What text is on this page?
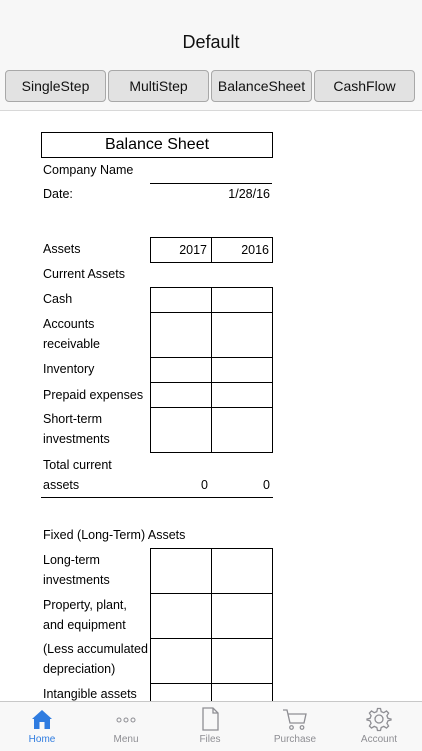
Default
SingleStep	MultiStep	BalanceSheet	CashFlow
Balance Sheet
Company Name
Date:	1/28/16
Assets	2017	2016
Current Assets
Cash
Accounts
receivable
Inventory
Prepaid expenses
Short-term
investments
Total current
assets	0	0
Fixed (Long-Term) Assets
Long-term
investments
Property, plant,
and equipment
(Less accumulated
depreciation)
Intangible assets
Home	Menu	Files	Purchase	Account
